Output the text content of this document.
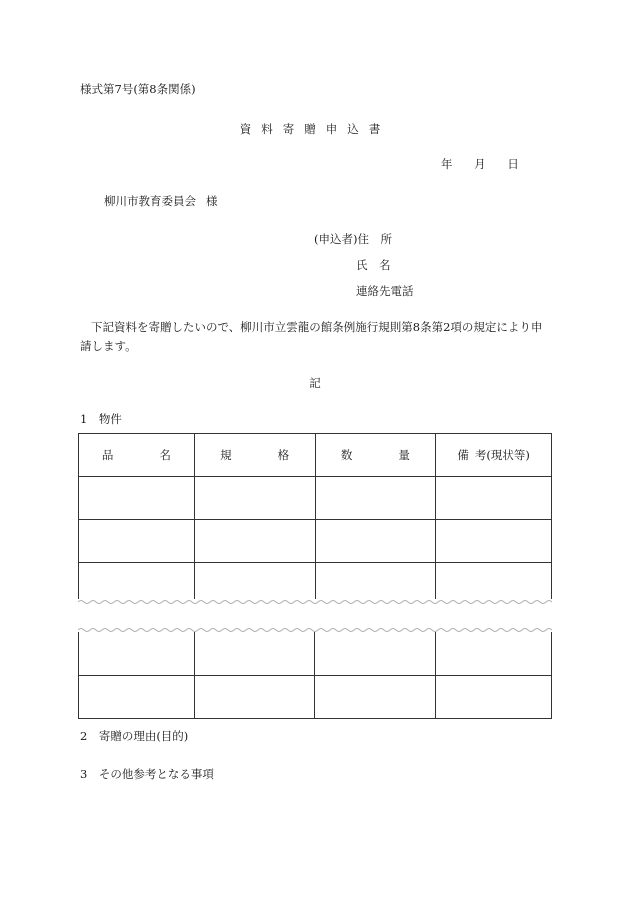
様式第7号(第8条関係)
資料寄贈申込書
年 月 日
柳川市教育委員会 様
(申込者)住　所
氏　名
連絡先電話
下記資料を寄贈したいので、柳川市立雲龍の館条例施行規則第8条第2項の規定により申請します。
記
1　物件
品 名	規 格	数 量	備 考(現状等)

2　寄贈の理由(目的)
3　その他参考となる事項
